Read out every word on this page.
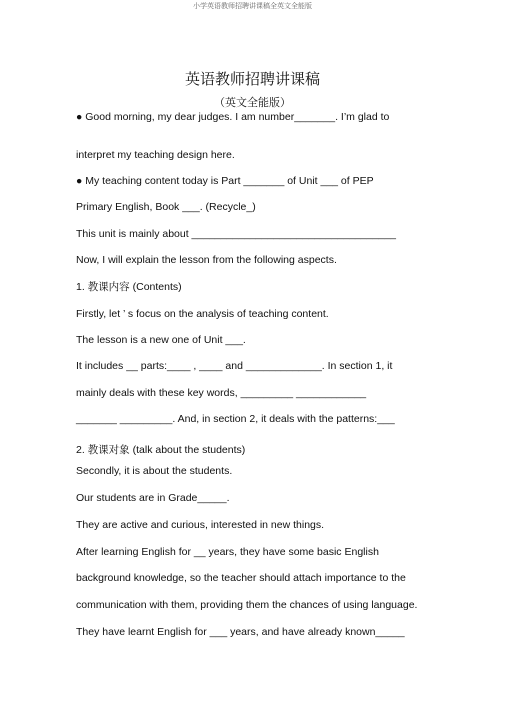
小学英语教师招聘讲课稿全英文全能版
英语教师招聘讲课稿
（英文全能版）
● Good morning, my dear judges. I am number_______. I’m glad to
interpret my teaching design here.
● My teaching content today is Part _______ of Unit ___ of PEP
Primary English, Book ___. (Recycle_)
This unit is mainly about ___________________________________
Now, I will explain the lesson from the following aspects.
1. 教课内容 (Contents)
Firstly, let ’ s focus on the analysis of teaching content.
The lesson is a new one of Unit ___.
It includes __ parts:____ , ____ and _____________. In section 1, it
mainly deals with these key words, _________ ____________
_______ _________. And, in section 2, it deals with the patterns:___
2. 教课对象 (talk about the students)
Secondly, it is about the students.
Our students are in Grade_____.
They are active and curious, interested in new things.
After learning English for __ years, they have some basic English
background knowledge, so the teacher should attach importance to the
communication with them, providing them the chances of using language.
They have learnt English for ___ years, and have already known_____
